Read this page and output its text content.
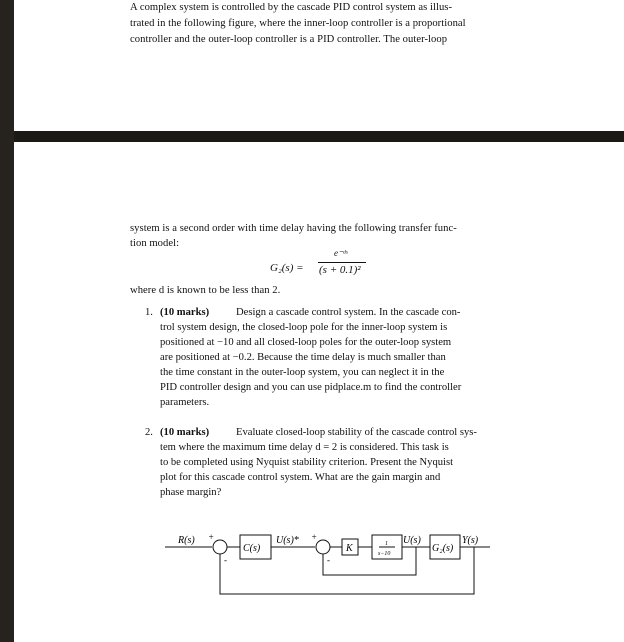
A complex system is controlled by the cascade PID control system as illus-
trated in the following figure, where the inner-loop controller is a proportional
controller and the outer-loop controller is a PID controller. The outer-loop
system is a second order with time delay having the following transfer func-
tion model:
G₂(s) =
e⁻ᵈˢ
(s + 0.1)²
where d is known to be less than 2.
1. (10 marks)	Design a cascade control system. In the cascade con-
trol system design, the closed-loop pole for the inner-loop system is
positioned at −10 and all closed-loop poles for the outer-loop system
are positioned at −0.2. Because the time delay is much smaller than
the time constant in the outer-loop system, you can neglect it in the
PID controller design and you can use pidplace.m to find the controller
parameters.
2. (10 marks)	Evaluate closed-loop stability of the cascade control sys-
tem where the maximum time delay d = 2 is considered. This task is
to be completed using Nyquist stability criterion. Present the Nyquist
plot for this cascade control system. What are the gain margin and
phase margin?
R(s) +
-
C(s)
U(s)* +
-
K	1
s−10
U(s)
G₂(s)
Y(s)
